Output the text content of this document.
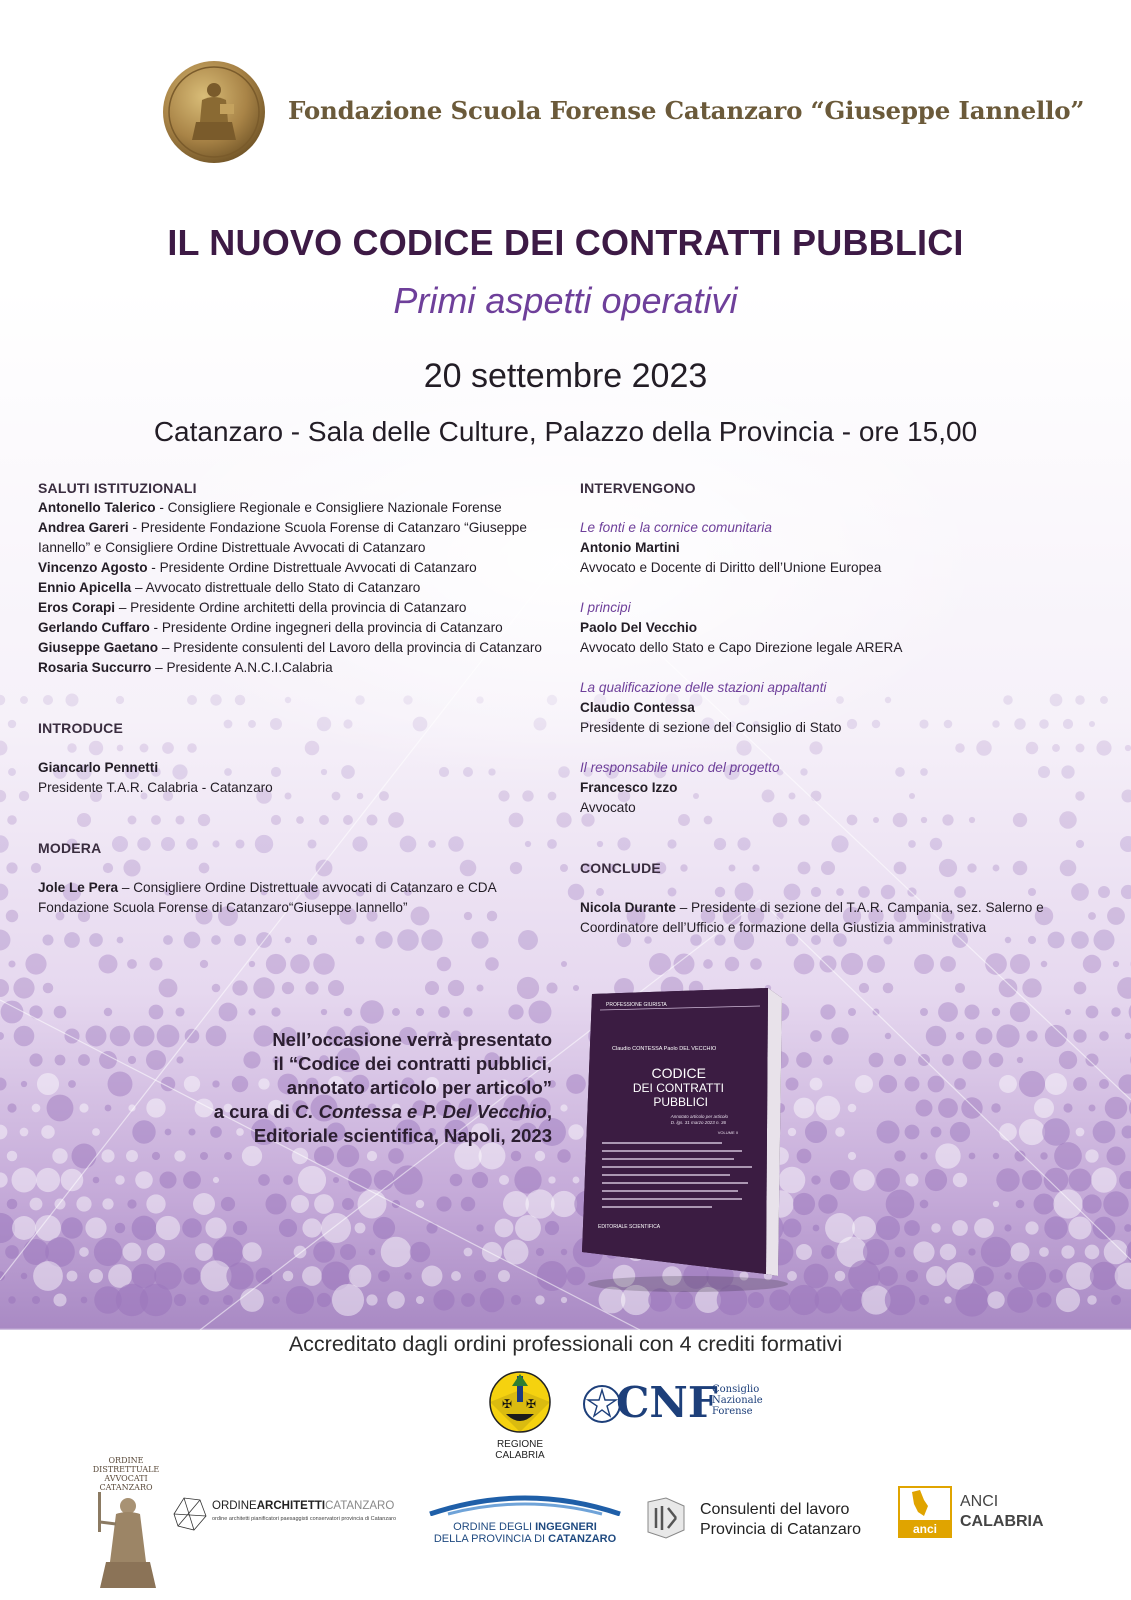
Fondazione Scuola Forense Catanzaro “Giuseppe Iannello”
IL NUOVO CODICE DEI CONTRATTI PUBBLICI
Primi aspetti operativi
20 settembre 2023
Catanzaro - Sala delle Culture, Palazzo della Provincia - ore 15,00
SALUTI ISTITUZIONALI
Antonello Talerico - Consigliere Regionale e Consigliere Nazionale Forense
Andrea Gareri - Presidente Fondazione Scuola Forense di Catanzaro “Giuseppe Iannello” e Consigliere Ordine Distrettuale Avvocati di Catanzaro
Vincenzo Agosto - Presidente Ordine Distrettuale Avvocati di Catanzaro
Ennio Apicella – Avvocato distrettuale dello Stato di Catanzaro
Eros Corapi – Presidente Ordine architetti della provincia di Catanzaro
Gerlando Cuffaro - Presidente Ordine ingegneri della provincia di Catanzaro
Giuseppe Gaetano – Presidente consulenti del Lavoro della provincia di Catanzaro
Rosaria Succurro – Presidente A.N.C.I.Calabria
INTRODUCE
Giancarlo Pennetti
Presidente T.A.R. Calabria - Catanzaro
MODERA
Jole Le Pera – Consigliere Ordine Distrettuale avvocati di Catanzaro e CDA Fondazione Scuola Forense di Catanzaro“Giuseppe Iannello”
INTERVENGONO
Le fonti e la cornice comunitaria
Antonio Martini
Avvocato e Docente di Diritto dell’Unione Europea
I principi
Paolo Del Vecchio
Avvocato dello Stato e Capo Direzione legale ARERA
La qualificazione delle stazioni appaltanti
Claudio Contessa
Presidente di sezione del Consiglio di Stato
Il responsabile unico del progetto
Francesco Izzo
Avvocato
CONCLUDE
Nicola Durante – Presidente di sezione del T.A.R. Campania, sez. Salerno e Coordinatore dell’Ufficio e formazione della Giustizia amministrativa
Nell’occasione verrà presentato
il “Codice dei contratti pubblici,
annotato articolo per articolo”
a cura di C. Contessa e P. Del Vecchio,
Editoriale scientifica, Napoli, 2023
PROFESSIONE GIURISTA
Claudio CONTESSA Paolo DEL VECCHIO
CODICE
DEI CONTRATTI
PUBBLICI
Annotato articolo per articolo
D. lgs. 31 marzo 2023 n. 36
VOLUME II
EDITORIALE SCIENTIFICA
Accreditato dagli ordini professionali con 4 crediti formativi
✠ ✠
REGIONE
CALABRIA
CNF
Consiglio
Nazionale
Forense
ORDINE
DISTRETTUALE
AVVOCATI
CATANZARO
ORDINEARCHITETTICATANZARO
ordine architetti pianificatori paesaggisti conservatori provincia di Catanzaro
ORDINE DEGLI INGEGNERI
DELLA PROVINCIA DI CATANZARO
Consulenti del lavoro
Provincia di Catanzaro	anci
ANCI
CALABRIA
